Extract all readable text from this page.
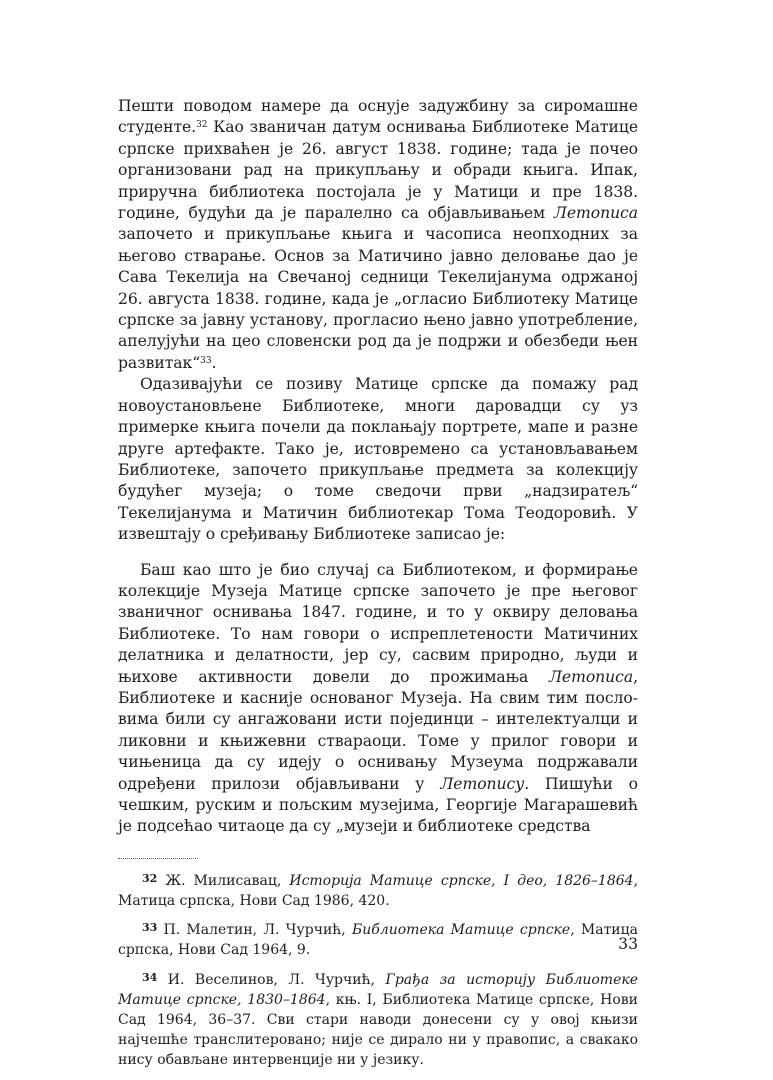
Пешти поводом намере да оснује задужбину за сиромашне студенте.$^{32}$ Као званичан датум оснивања Библиотеке Матице српске прихваћен је 26. август 1838. године; тада је почео организовани рад на прикупљању и обради књига. Ипак, приручна библиотека постојала је у Матици и пре 1838. године, будући да је паралелно са објављивањем Летописа започето и прикупљање књига и часописа неопходних за његово стварање. Основ за Матичино јавно деловање дао је Сава Текелија на Свечаној седници Текелијанума одржаној 26. августа 1838. године, када је „огласио Библиотеку Матице српске за јавну установу, прогласио њено јавно употребление, апелујући на цео словенски род да је подржи и обезбеди њен развитак“$^{33}$.

Одазивајући се позиву Матице српске да помажу рад новоустановљене Библиотеке, многи даровадци су уз примерке књига почели да поклањају портрете, мапе и разне друге артефакте. Тако је, истовремено са установљавањем Библиотеке, започето прикупљање предмета за колекцију будућег музеја; о томе сведочи први „надзиратељ“ Текелијанума и Матичин библиотекар Тома Теодоровић. У извештају о сређивању Библиотеке записао је:

Баш као што је био случај са Библиотеком, и формирање колекције Музеја Матице српске започето је пре његовог званичног оснивања 1847. године, и то у оквиру деловања Библиотеке. То нам говори о испреплетености Матичиних делатника и делатности, јер су, сасвим природно, људи и њихове активности довели до прожимања Летописа, Библиотеке и касније основаног Музеја. На свим тим пословима били су ангажовани исти појединци – интелектуалци и ликовни и књижевни ствараоци. Томе у прилог говори и чињеница да су идеју о оснивању Музеума подржавали одређени прилози објављивани у Летопису. Пишући о чешким, руским и пољским музејима, Георгије Магарашевић је подсећао читаоце да су „музеји и библиотеке средства

$^{32}$ Ж. Милисавац, Историја Матице српске, I део, 1826–1864, Матица српска, Нови Сад 1986, 420.

$^{33}$ П. Малетин, Л. Чурчић, Библиотека Матице српске, Матица српска, Нови Сад 1964, 9.

$^{34}$ И. Веселинов, Л. Чурчић, Грађа за историју Библиотеке Матице српске, 1830–1864, књ. I, Библиотека Матице српске, Нови Сад 1964, 36–37. Сви стари наводи донесени су у овој књизи најчешће транслитеровано; није се дирало ни у правопис, а свакако нису обављане интервенције ни у језику.

33
